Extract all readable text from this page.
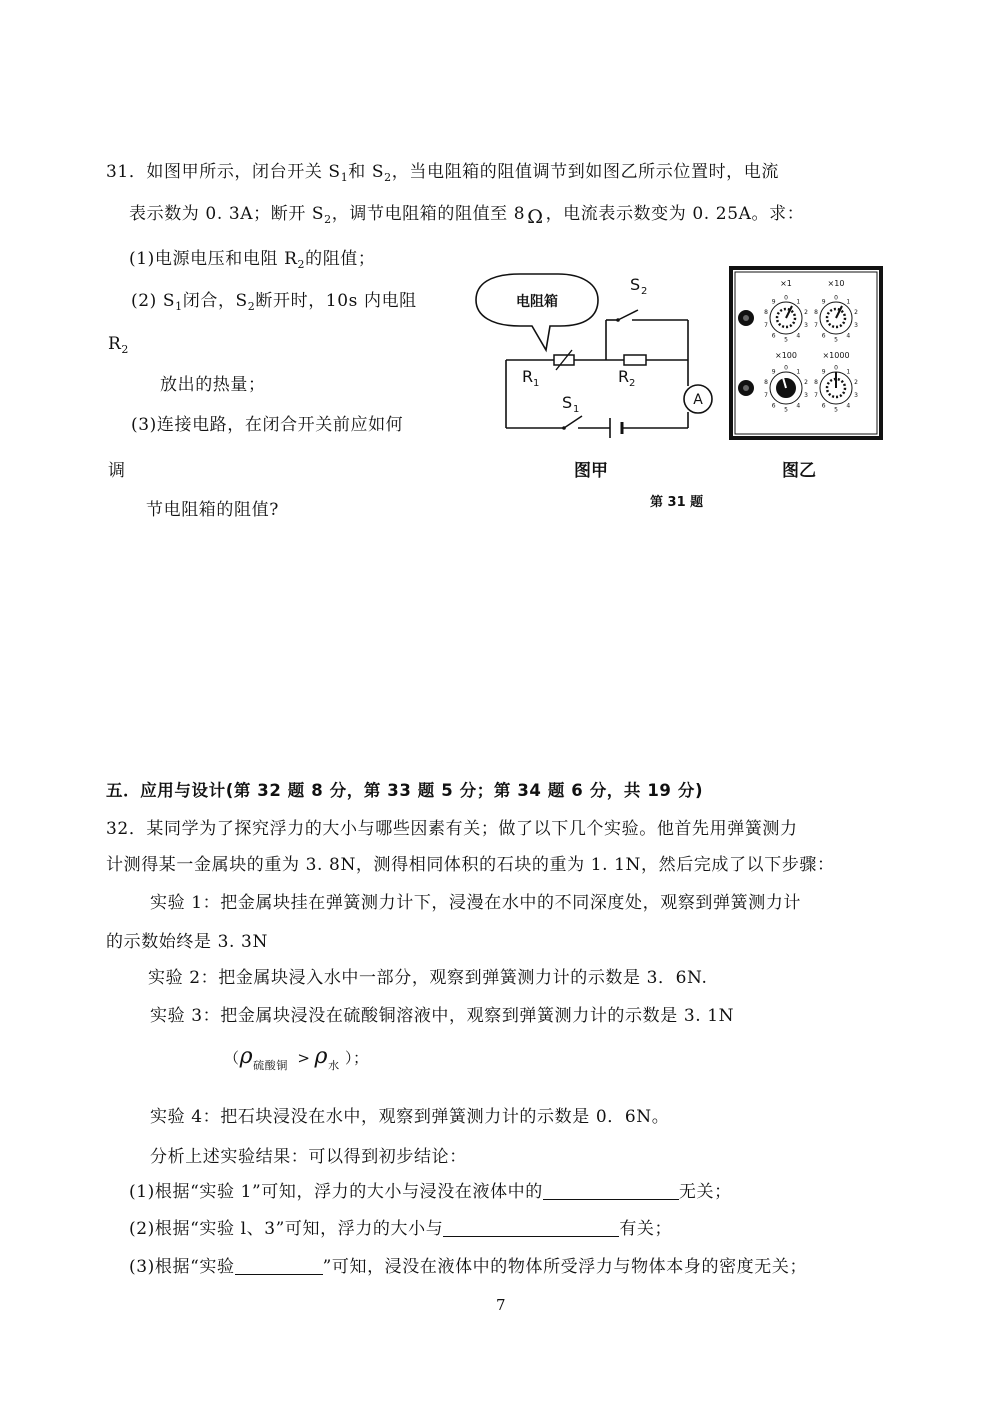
31．如图甲所示，闭台开关 $S_1$和 $S_2$，当电阻箱的阻值调节到如图乙所示位置时，电流
表示数为 0. 3A；断开 $S_2$，调节电阻箱的阻值至 8 Ω ，电流表示数变为 0. 25A。求：
(1)电源电压和电阻 $R_2$的阻值；
(2) $S_1$闭合，$S_2$断开时，10s 内电阻
$R_2$
放出的热量；
(3)连接电路，在闭合开关前应如何
调
节电阻箱的阻值?
电阻箱
A
S 2
R 1	R 2
S 1
图甲	图乙
第 31 题
×1	×10
×100	×1000
0
1
2
3
4
5
6
7
8
9
0
1
2
3
4
5
6
7
8
9
0
1
2
3
4
5
6
7
8
9
0
1
2
3
4
5
6
7
8
9
五．应用与设计(第 32 题 8 分，第 33 题 5 分；第 34 题 6 分，共 19 分)
32．某同学为了探究浮力的大小与哪些因素有关；做了以下几个实验。他首先用弹簧测力
计测得某一金属块的重为 3. 8N，测得相同体积的石块的重为 1. 1N，然后完成了以下步骤：
实验 1：把金属块挂在弹簧测力计下，浸漫在水中的不同深度处，观察到弹簧测力计
的示数始终是 3. 3N
实验 2：把金属块浸入水中一部分，观察到弹簧测力计的示数是 3．6N.
实验 3：把金属块浸没在硫酸铜溶液中，观察到弹簧测力计的示数是 3. 1N
（$\rho_{硫酸铜} > \rho_水$ ）；
实验 4：把石块浸没在水中，观察到弹簧测力计的示数是 0．6N。
分析上述实验结果：可以得到初步结论：
(1)根据“实验 1”可知，浮力的大小与浸没在液体中的	无关；
(2)根据“实验 l、3”可知，浮力的大小与	有关；
(3)根据“实验	”可知，浸没在液体中的物体所受浮力与物体本身的密度无关；
7
